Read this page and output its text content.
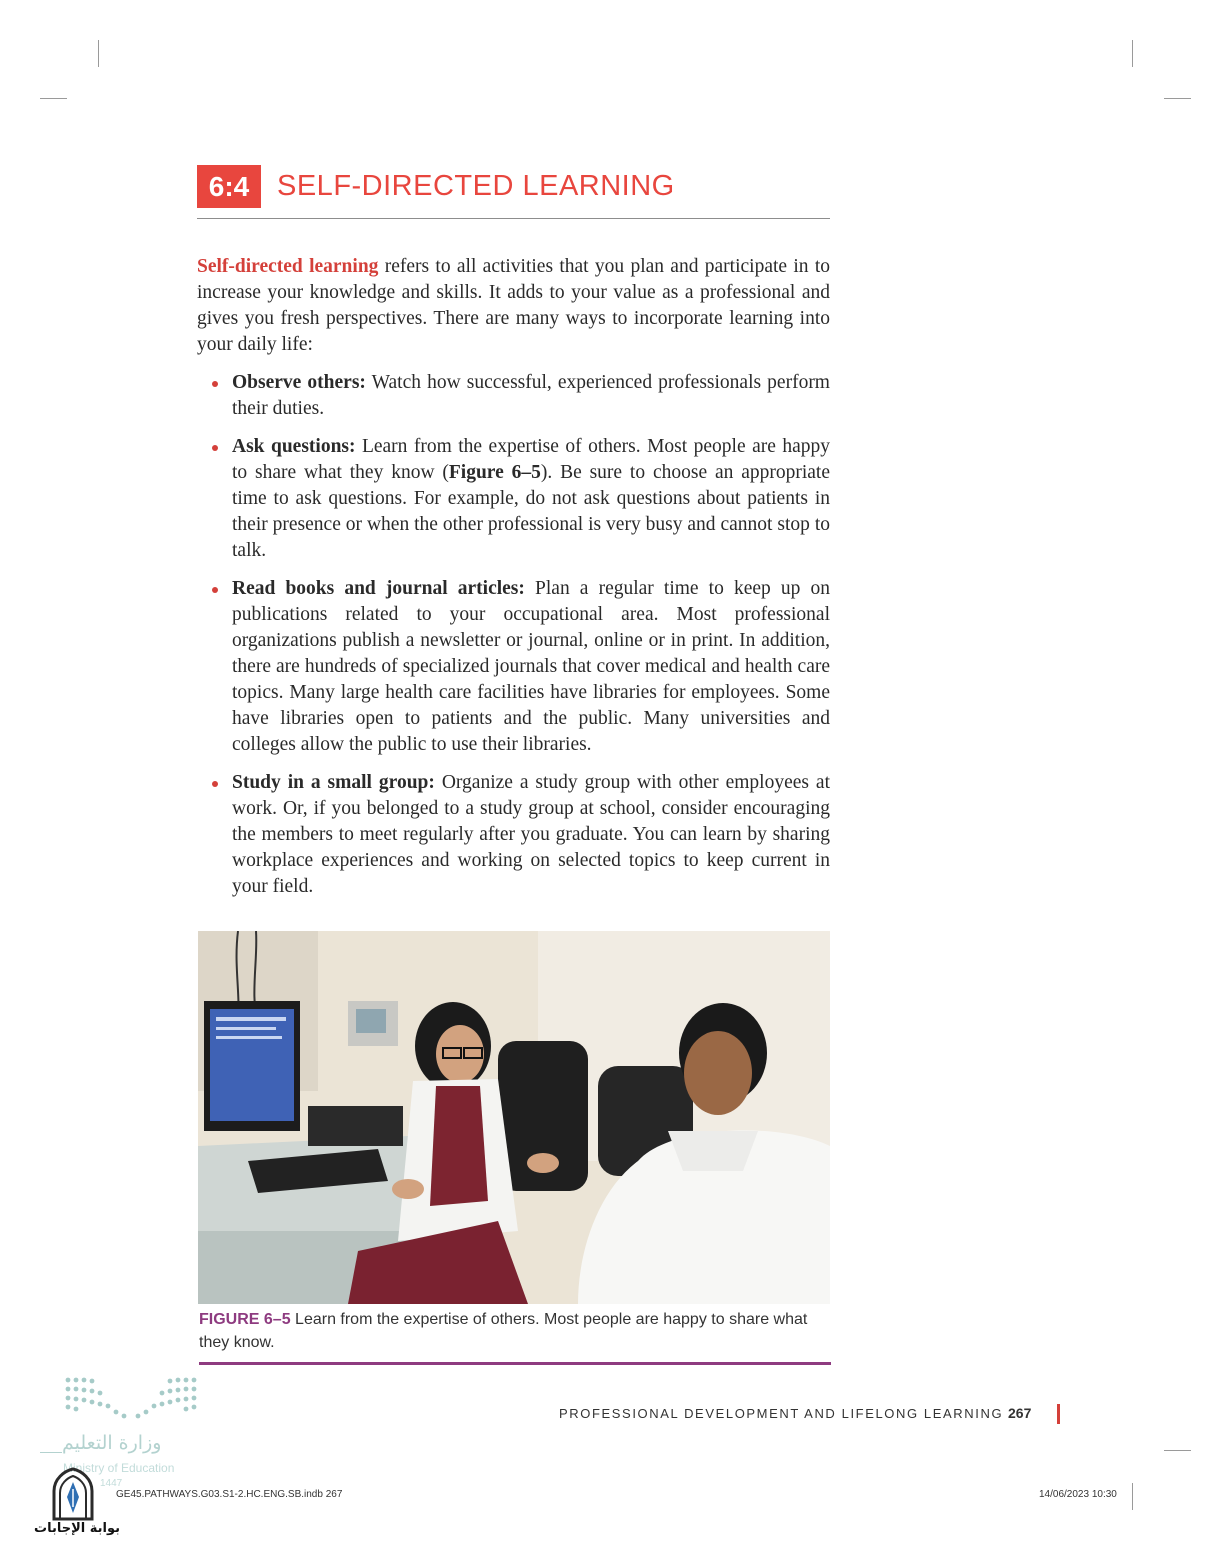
6:4 SELF-DIRECTED LEARNING

Self-directed learning refers to all activities that you plan and participate in to increase your knowledge and skills. It adds to your value as a professional and gives you fresh perspectives. There are many ways to incorporate learning into your daily life:

Observe others: Watch how successful, experienced professionals perform their duties.
Ask questions: Learn from the expertise of others. Most people are happy to share what they know (Figure 6–5). Be sure to choose an appropriate time to ask questions. For example, do not ask questions about patients in their presence or when the other professional is very busy and cannot stop to talk.
Read books and journal articles: Plan a regular time to keep up on publications related to your occupational area. Most professional organizations publish a newsletter or journal, online or in print. In addition, there are hundreds of specialized journals that cover medical and health care topics. Many large health care facilities have libraries for employees. Some have libraries open to patients and the public. Many universities and colleges allow the public to use their libraries.
Study in a small group: Organize a study group with other employees at work. Or, if you belonged to a study group at school, consider encouraging the members to meet regularly after you graduate. You can learn by sharing workplace experiences and working on selected topics to keep current in your field.
FIGURE 6–5 Learn from the expertise of others. Most people are happy to share what they know.
وزارة التعليم
Ministry of Education
1447
بوابة الإجابات
PROFESSIONAL DEVELOPMENT AND LIFELONG LEARNING 267
GE45.PATHWAYS.G03.S1-2.HC.ENG.SB.indb 267	14/06/2023 10:30
